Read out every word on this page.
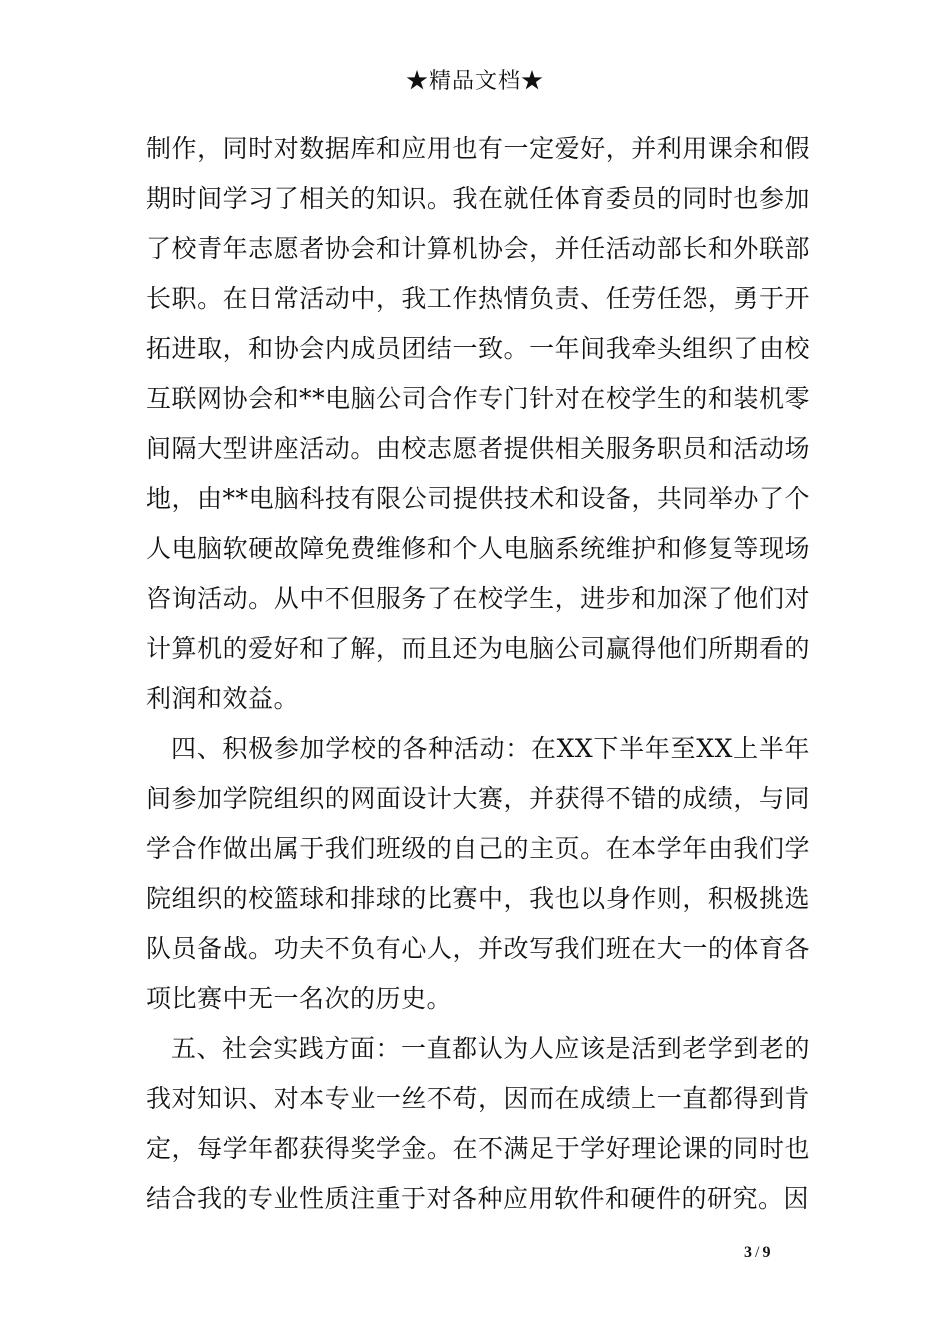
★精品文档★

制作，同时对数据库和应用也有一定爱好，并利用课余和假期时间学习了相关的知识。我在就任体育委员的同时也参加了校青年志愿者协会和计算机协会，并任活动部长和外联部长职。在日常活动中，我工作热情负责、任劳任怨，勇于开拓进取，和协会内成员团结一致。一年间我牵头组织了由校互联网协会和**电脑公司合作专门针对在校学生的和装机零间隔大型讲座活动。由校志愿者提供相关服务职员和活动场地，由**电脑科技有限公司提供技术和设备，共同举办了个人电脑软硬故障免费维修和个人电脑系统维护和修复等现场咨询活动。从中不但服务了在校学生，进步和加深了他们对计算机的爱好和了解，而且还为电脑公司赢得他们所期看的利润和效益。

四、积极参加学校的各种活动：在XX下半年至XX上半年间参加学院组织的网面设计大赛，并获得不错的成绩，与同学合作做出属于我们班级的自己的主页。在本学年由我们学院组织的校篮球和排球的比赛中，我也以身作则，积极挑选队员备战。功夫不负有心人，并改写我们班在大一的体育各项比赛中无一名次的历史。

五、社会实践方面：一直都认为人应该是活到老学到老的我对知识、对本专业一丝不苟，因而在成绩上一直都得到肯定，每学年都获得奖学金。在不满足于学好理论课的同时也结合我的专业性质注重于对各种应用软件和硬件的研究。因

3 / 9
